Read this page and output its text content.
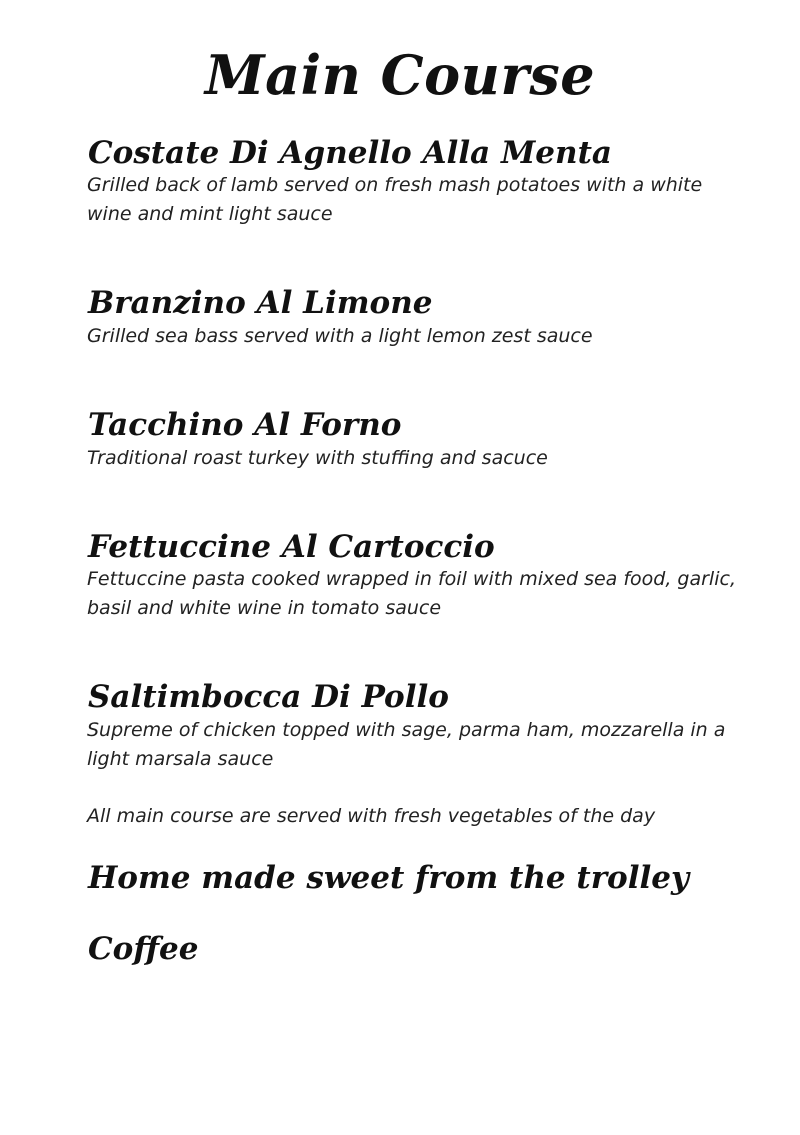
Main Course
Costate Di Agnello Alla Menta
Grilled back of lamb served on fresh mash potatoes with a white wine and mint light sauce
Branzino Al Limone
Grilled sea bass served with a light lemon zest sauce
Tacchino Al Forno
Traditional roast turkey with stuffing and sacuce
Fettuccine Al Cartoccio
Fettuccine pasta cooked wrapped in foil with mixed sea food, garlic, basil and white wine in tomato sauce
Saltimbocca Di Pollo
Supreme of chicken topped with sage, parma ham, mozzarella in a light marsala sauce
All main course are served with fresh vegetables of the day
Home made sweet from the trolley
Coffee
